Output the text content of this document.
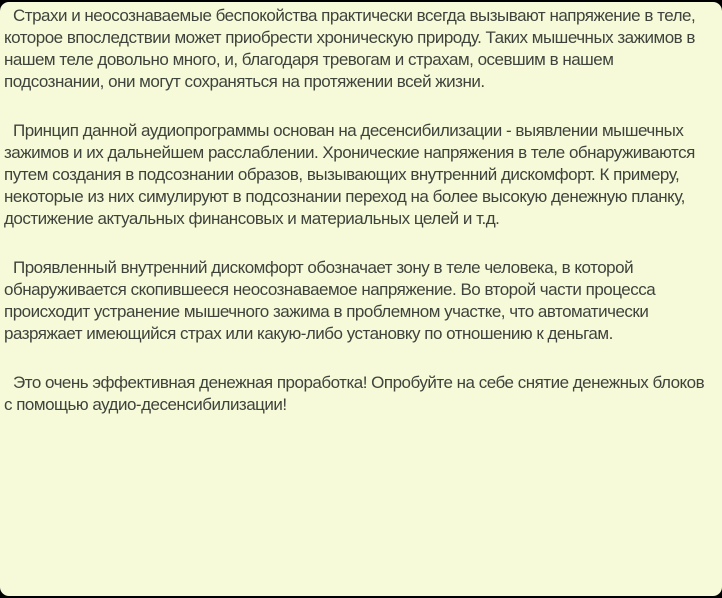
Страхи и неосознаваемые беспокойства практически всегда вызывают напряжение в теле, которое впоследствии может приобрести хроническую природу. Таких мышечных зажимов в нашем теле довольно много, и, благодаря тревогам и страхам, осевшим в нашем подсознании, они могут сохраняться на протяжении всей жизни.

Принцип данной аудиопрограммы основан на десенсибилизации - выявлении мышечных зажимов и их дальнейшем расслаблении. Хронические напряжения в теле обнаруживаются путем создания в подсознании образов, вызывающих внутренний дискомфорт. К примеру, некоторые из них симулируют в подсознании переход на более высокую денежную планку, достижение актуальных финансовых и материальных целей и т.д.

Проявленный внутренний дискомфорт обозначает зону в теле человека, в которой обнаруживается скопившееся неосознаваемое напряжение. Во второй части процесса происходит устранение мышечного зажима в проблемном участке, что автоматически разряжает имеющийся страх или какую-либо установку по отношению к деньгам.

Это очень эффективная денежная проработка! Опробуйте на себе снятие денежных блоков с помощью аудио-десенсибилизации!
